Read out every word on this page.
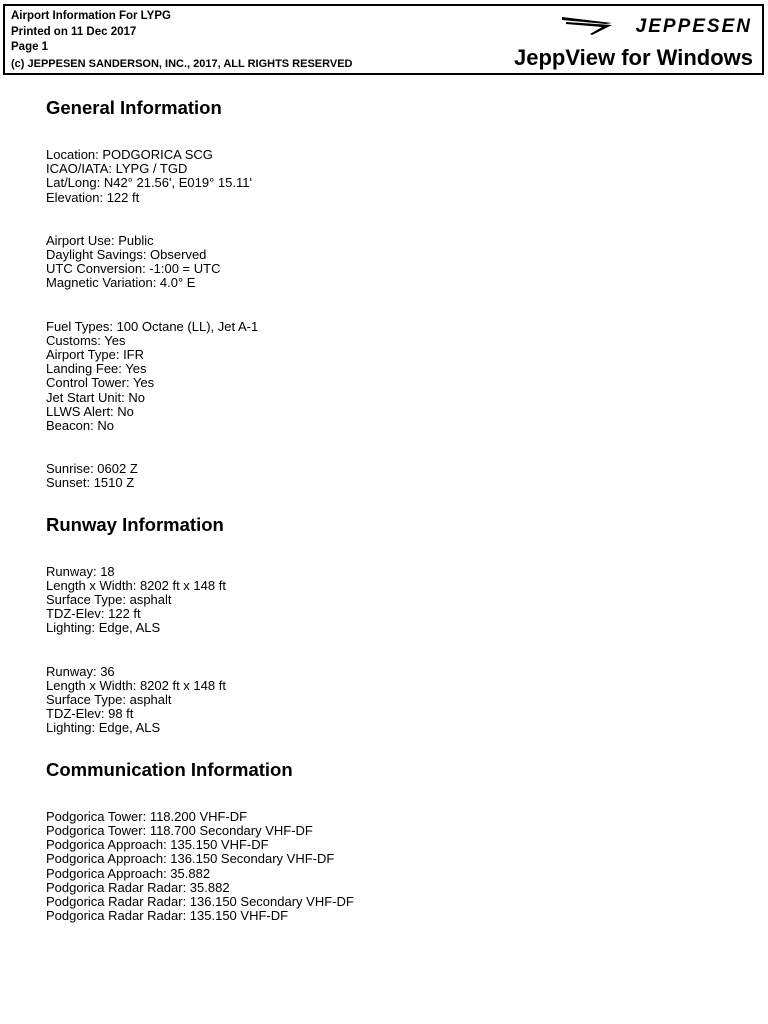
Airport Information For LYPG
Printed on 11 Dec 2017
Page 1
(c) JEPPESEN SANDERSON, INC., 2017, ALL RIGHTS RESERVED
JEPPESEN
JeppView for Windows
General Information
Location: PODGORICA SCG
ICAO/IATA: LYPG / TGD
Lat/Long: N42° 21.56', E019° 15.11'
Elevation: 122 ft
Airport Use: Public
Daylight Savings: Observed
UTC Conversion: -1:00 = UTC
Magnetic Variation: 4.0° E
Fuel Types: 100 Octane (LL), Jet A-1
Customs: Yes
Airport Type: IFR
Landing Fee: Yes
Control Tower: Yes
Jet Start Unit: No
LLWS Alert: No
Beacon: No
Sunrise: 0602 Z
Sunset: 1510 Z
Runway Information
Runway: 18
Length x Width: 8202 ft x 148 ft
Surface Type: asphalt
TDZ-Elev: 122 ft
Lighting: Edge, ALS
Runway: 36
Length x Width: 8202 ft x 148 ft
Surface Type: asphalt
TDZ-Elev: 98 ft
Lighting: Edge, ALS
Communication Information
Podgorica Tower: 118.200 VHF-DF
Podgorica Tower: 118.700 Secondary VHF-DF
Podgorica Approach: 135.150 VHF-DF
Podgorica Approach: 136.150 Secondary VHF-DF
Podgorica Approach: 35.882
Podgorica Radar Radar: 35.882
Podgorica Radar Radar: 136.150 Secondary VHF-DF
Podgorica Radar Radar: 135.150 VHF-DF
